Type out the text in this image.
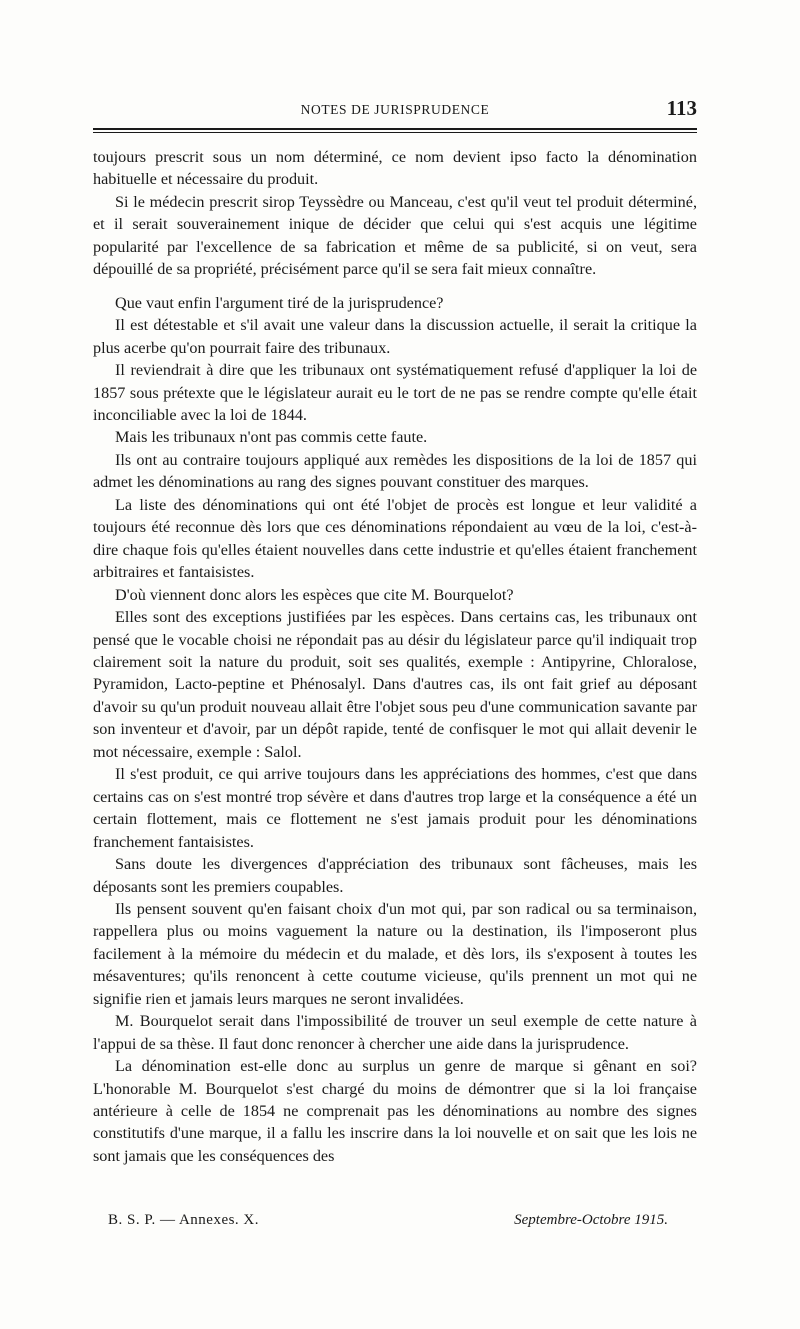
NOTES DE JURISPRUDENCE	113

toujours prescrit sous un nom déterminé, ce nom devient ipso facto la dénomination habituelle et nécessaire du produit.

Si le médecin prescrit sirop Teyssèdre ou Manceau, c'est qu'il veut tel produit déterminé, et il serait souverainement inique de décider que celui qui s'est acquis une légitime popularité par l'excellence de sa fabrication et même de sa publicité, si on veut, sera dépouillé de sa propriété, précisément parce qu'il se sera fait mieux connaître.

Que vaut enfin l'argument tiré de la jurisprudence?

Il est détestable et s'il avait une valeur dans la discussion actuelle, il serait la critique la plus acerbe qu'on pourrait faire des tribunaux.

Il reviendrait à dire que les tribunaux ont systématiquement refusé d'appliquer la loi de 1857 sous prétexte que le législateur aurait eu le tort de ne pas se rendre compte qu'elle était inconciliable avec la loi de 1844.

Mais les tribunaux n'ont pas commis cette faute.

Ils ont au contraire toujours appliqué aux remèdes les dispositions de la loi de 1857 qui admet les dénominations au rang des signes pouvant constituer des marques.

La liste des dénominations qui ont été l'objet de procès est longue et leur validité a toujours été reconnue dès lors que ces dénominations répondaient au vœu de la loi, c'est-à-dire chaque fois qu'elles étaient nouvelles dans cette industrie et qu'elles étaient franchement arbitraires et fantaisistes.

D'où viennent donc alors les espèces que cite M. Bourquelot?

Elles sont des exceptions justifiées par les espèces. Dans certains cas, les tribunaux ont pensé que le vocable choisi ne répondait pas au désir du législateur parce qu'il indiquait trop clairement soit la nature du produit, soit ses qualités, exemple : Antipyrine, Chloralose, Pyramidon, Lacto-peptine et Phénosalyl. Dans d'autres cas, ils ont fait grief au déposant d'avoir su qu'un produit nouveau allait être l'objet sous peu d'une communication savante par son inventeur et d'avoir, par un dépôt rapide, tenté de confisquer le mot qui allait devenir le mot nécessaire, exemple : Salol.

Il s'est produit, ce qui arrive toujours dans les appréciations des hommes, c'est que dans certains cas on s'est montré trop sévère et dans d'autres trop large et la conséquence a été un certain flottement, mais ce flottement ne s'est jamais produit pour les dénominations franchement fantaisistes.

Sans doute les divergences d'appréciation des tribunaux sont fâcheuses, mais les déposants sont les premiers coupables.

Ils pensent souvent qu'en faisant choix d'un mot qui, par son radical ou sa terminaison, rappellera plus ou moins vaguement la nature ou la destination, ils l'imposeront plus facilement à la mémoire du médecin et du malade, et dès lors, ils s'exposent à toutes les mésaventures; qu'ils renoncent à cette coutume vicieuse, qu'ils prennent un mot qui ne signifie rien et jamais leurs marques ne seront invalidées.

M. Bourquelot serait dans l'impossibilité de trouver un seul exemple de cette nature à l'appui de sa thèse. Il faut donc renoncer à chercher une aide dans la jurisprudence.

La dénomination est-elle donc au surplus un genre de marque si gênant en soi? L'honorable M. Bourquelot s'est chargé du moins de démontrer que si la loi française antérieure à celle de 1854 ne comprenait pas les dénominations au nombre des signes constitutifs d'une marque, il a fallu les inscrire dans la loi nouvelle et on sait que les lois ne sont jamais que les conséquences des

B. S. P. — Annexes. X.	Septembre-Octobre 1915.
